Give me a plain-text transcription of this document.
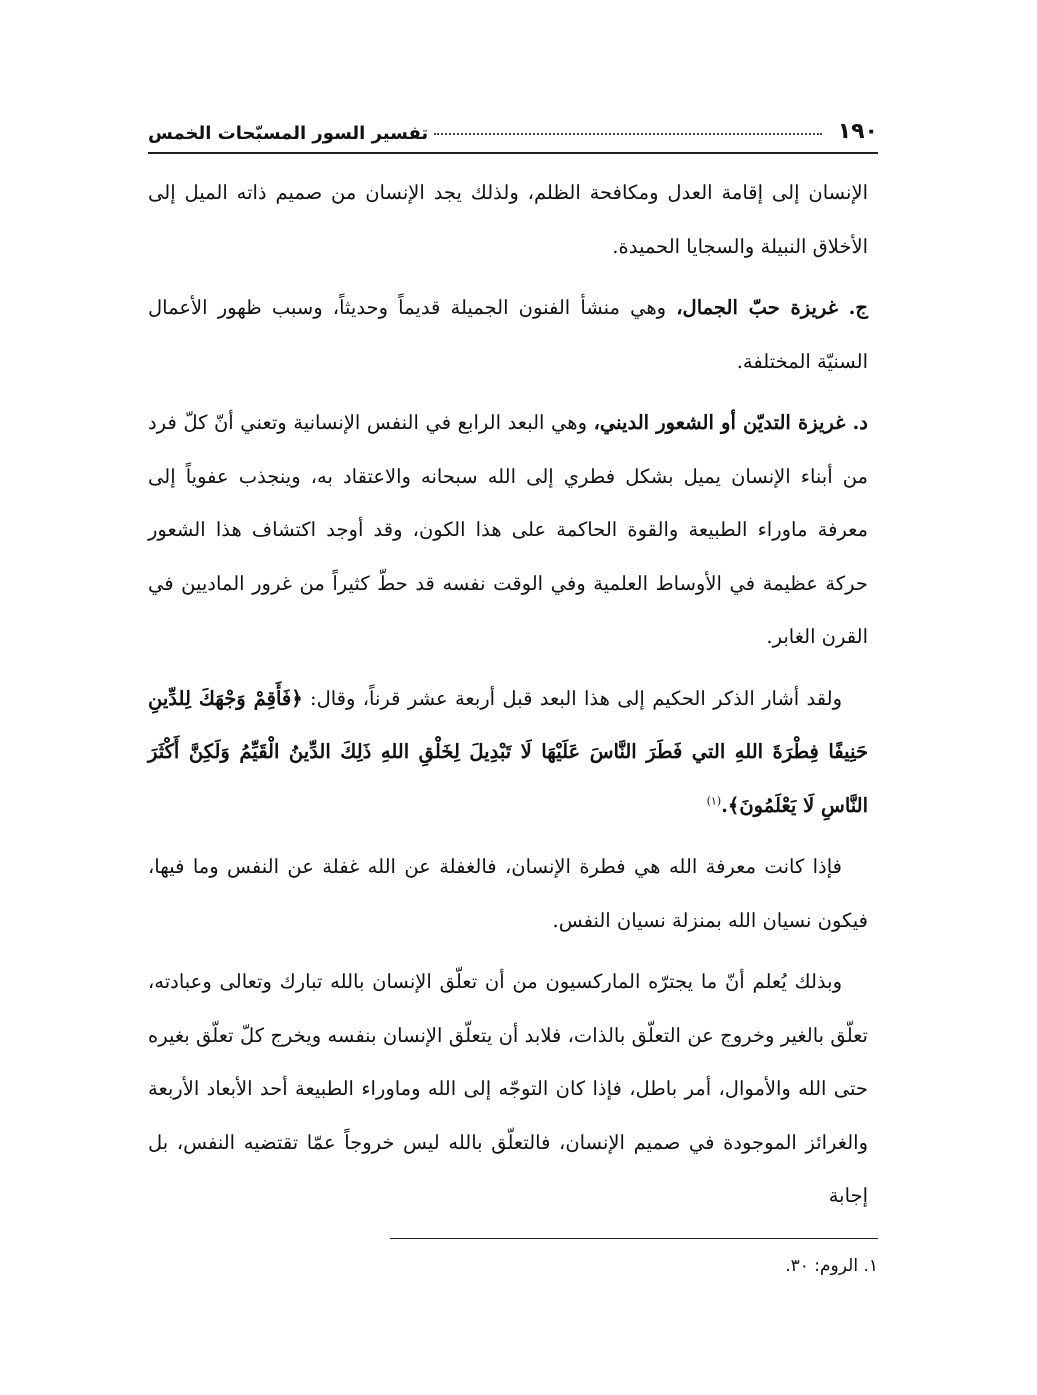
١٩٠
تفسير السور المسبّحات الخمس

الإنسان إلى إقامة العدل ومكافحة الظلم، ولذلك يجد الإنسان من صميم ذاته الميل إلى الأخلاق النبيلة والسجايا الحميدة.

ج. غريزة حبّ الجمال، وهي منشأ الفنون الجميلة قديماً وحديثاً، وسبب ظهور الأعمال السنيّة المختلفة.

د. غريزة التديّن أو الشعور الديني، وهي البعد الرابع في النفس الإنسانية وتعني أنّ كلّ فرد من أبناء الإنسان يميل بشكل فطري إلى الله سبحانه والاعتقاد به، وينجذب عفوياً إلى معرفة ماوراء الطبيعة والقوة الحاكمة على هذا الكون، وقد أوجد اكتشاف هذا الشعور حركة عظيمة في الأوساط العلمية وفي الوقت نفسه قد حطّ كثيراً من غرور الماديين في القرن الغابر.

ولقد أشار الذكر الحكيم إلى هذا البعد قبل أربعة عشر قرناً، وقال: ﴿فَأَقِمْ وَجْهَكَ لِلدِّينِ حَنِيفًا فِطْرَةَ اللهِ التي فَطَرَ النَّاسَ عَلَيْهَا لَا تَبْدِيلَ لِخَلْقِ اللهِ ذَلِكَ الدِّينُ الْقَيِّمُ وَلَكِنَّ أَكْثَرَ النَّاسِ لَا يَعْلَمُونَ﴾.$^{(١)}$

فإذا كانت معرفة الله هي فطرة الإنسان، فالغفلة عن الله غفلة عن النفس وما فيها، فيكون نسيان الله بمنزلة نسيان النفس.

وبذلك يُعلم أنّ ما يجترّه الماركسيون من أن تعلّق الإنسان بالله تبارك وتعالى وعبادته، تعلّق بالغير وخروج عن التعلّق بالذات، فلابد أن يتعلّق الإنسان بنفسه ويخرج كلّ تعلّق بغيره حتى الله والأموال، أمر باطل، فإذا كان التوجّه إلى الله وماوراء الطبيعة أحد الأبعاد الأربعة والغرائز الموجودة في صميم الإنسان، فالتعلّق بالله ليس خروجاً عمّا تقتضيه النفس، بل إجابة

١. الروم: ٣٠.
